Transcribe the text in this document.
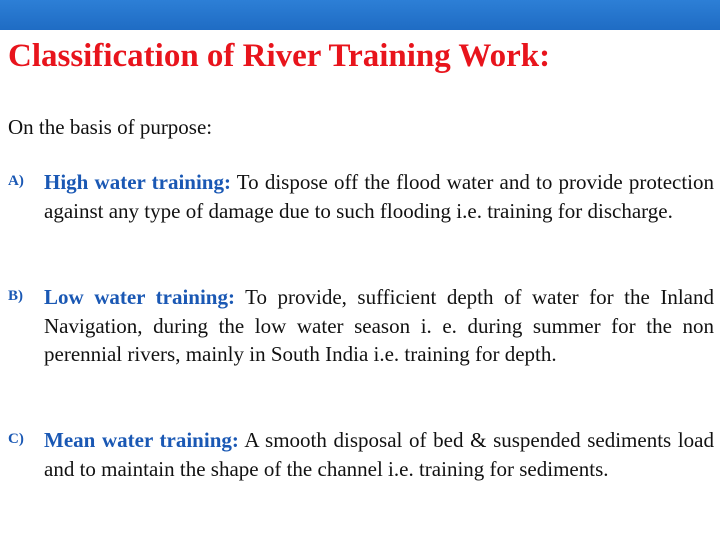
Classification of River Training Work:

On the basis of purpose:

A) High water training: To dispose off the flood water and to provide protection against any type of damage due to such flooding i.e. training for discharge.

B) Low water training: To provide, sufficient depth of water for the Inland Navigation, during the low water season i. e. during summer for the non perennial rivers, mainly in South India i.e. training for depth.

C) Mean water training: A smooth disposal of bed & suspended sediments load and to maintain the shape of the channel i.e. training for sediments.
